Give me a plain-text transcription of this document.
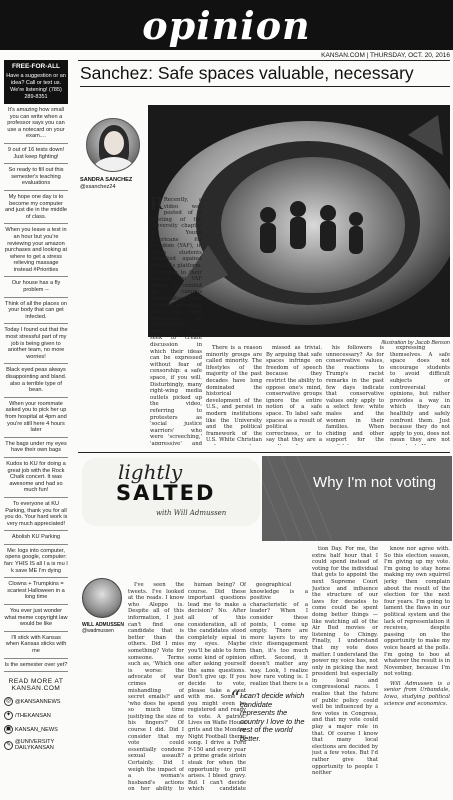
opinion
KANSAN.COM | THURSDAY, OCT. 20, 2016
FREE-FOR-ALL
Have a suggestion or an idea? Call or text us. We're listening! (785) 289-8351
It's amazing how small you can write when a professor says you can use a notecard on your exam....
9 out of 16 tests down! Just keep fighting!
So ready to fill out this semester's teaching evaluations
My hope one day is to become my computer and just die in the middle of class.
When you leave a test in an hour but you're reviewing your amazon purchases and looking at where to get a stress relieving massage instead #Priorities
Our house has a fly problem --
Think of all the places on your body that can get infected.
Today I found out that the most stressful part of my job is being given to another team, no more worries!
Black eyed peas always disappointing and bland. also a terrible type of bean.
When your roommate asked you to pick her up from hospital at 4pm and you're still here 4 hours later
The bags under my eyes have their own bags
Kudos to KU for doing a great job with the Rock Chalk concert. It was awesome and had so much fun!
To everyone at KU Parking, thank you for all you do. Your hard work is very much appreciated!
Abolish KU Parking
Me: logs into computer, opens google, computer: fan: YHIS IS all I a is mu I k save ME I'm dying
Clowns + Trumpkins = scariest Halloween in a long time
You ever just wonder what meme copyright law would be like
I'll stick with Kansas when Kansas sticks with me
Is the semester over yet?
READ MORE AT KANSAN.COM
◎ @KANSANNEWS
✦ /THEKANSAN
▣ KANSAN_NEWS
✎ @UNIVERSITY DAILYKANSAN
Sanchez: Safe spaces valuable, necessary
SANDRA SANCHEZ
@ssanchez24
Illustration by Jacob Benson

R Recently, a video was posted of a meeting of the University chapter of Young Americans for Freedom (YAF), in which students protested against the YAF's platform. According to their website, the YAF strives to combat the campus liberalization that it sees is becoming more and more threatening to conservative ideologies. They seek to create discussion in which their ideas can be expressed without fear of censorship: a safe space, if you will. Disturbingly, many right-wing media outlets picked up the video, referring to protesters as 'social justice warriors' who were 'screeching,' 'aggressive' and

There is a reason minority groups are called minority. The lifestyles of the majority of the past decades have long dominated the historical development of the U.S., and persist in modern institutions like the University and the political framework of the U.S. White Christian

missed as trivial. By arguing that safe spaces infringe on freedom of speech because they restrict the ability to oppose one's mind, conservative groups ignore the entire notion of a safe space. To label safe spaces as a result of political correctness, or to say that they are a

his followers is unnecessary? As for conservative values, the reactions to Trump's racist remarks in the past few days indicate that conservative values only apply to a select few: white males and the women in their families. When chiding and other support for the

expressing themselves. A safe space does not encourage students to avoid difficult subjects or controversial opinions, but rather provides a way in which they can healthily and safely confront them. Just because they do not apply to you, does not mean they are not

lightly
SALTED
with Will Admussen
Why I'm not voting
WILL ADMUSSEN
@wadmussen

I've seen the tweets. I've looked at the reads. I know who Aleppo is. Despite all of this information, I just can't find one candidate that is better than the others. Did I miss something? Vote for someone. Terms such as, 'Which one is worse: the advocate of war crimes or mishandling of secret emails?' and 'who does he spend so much time justifying the size of his fingers?' Of course I did. Did I consider that my vote could essentially condone sexual assault? Certainly. Did I weigh the impact of a woman's husband's actions on her ability to

human being? Of course. Did these important questions lead me to make a decision? No. After all of this consideration, all of the candidates stood completely equal in my eyes. Maybe you'll be able to form some kind of opinion after asking yourself the same questions. Don't give up. If you decide to vote, please take a seat with me. Some of you might even be registered and ready to vote. A patriot. Lives on Wafle House grits and the Monday Night Football theme song. I drive a Ford F-150 and every year a prime grade sirloin steak for when the opportunity to grill arises. I bleed gravy. But I can't decide which candidate

geographical knowledge is a positive characteristic of a leader? When I consider these points, I come up empty. There are more layers to my civic disengagement than, it's too much effort. Second, it doesn't matter any way. Look, I realize how rare voting is. I realize that there is a

“ I can't decide which candidate represents the country I love to the rest of the world better.

tion Day. For me, the extra half hour that I could spend instead of voting for the individual that gets to appoint the next Supreme Court Justice and influence the structure of our laws for decades to come could be spent doing better things — like watching all of the Air Bud movies or listening to Chingy. Finally, I understand that my vote does matter. I understand the power my voice has, not only in picking the next president but especially in local and congressional races. I realize that the future of public policy could well be influenced by a few votes in Congress, and that my vote could play a major role in that. Of course I know that many local elections are decided by just a few votes. But I'd rather give that opportunity to people I neither

know nor agree with. So this election season, I'm giving up my vote. I'm going to stay home making my own squirrel jerky then complain about the result of the election for the next four years. I'm going to lament the flaws in our political system and the lack of representation it receives, despite passing on the opportunity to make my voice heard at the polls. I'm going to boo at whatever the result is in November, because I'm not voting.

Will Admussen is a senior from Urbandale, Iowa, studying political science and economics.
